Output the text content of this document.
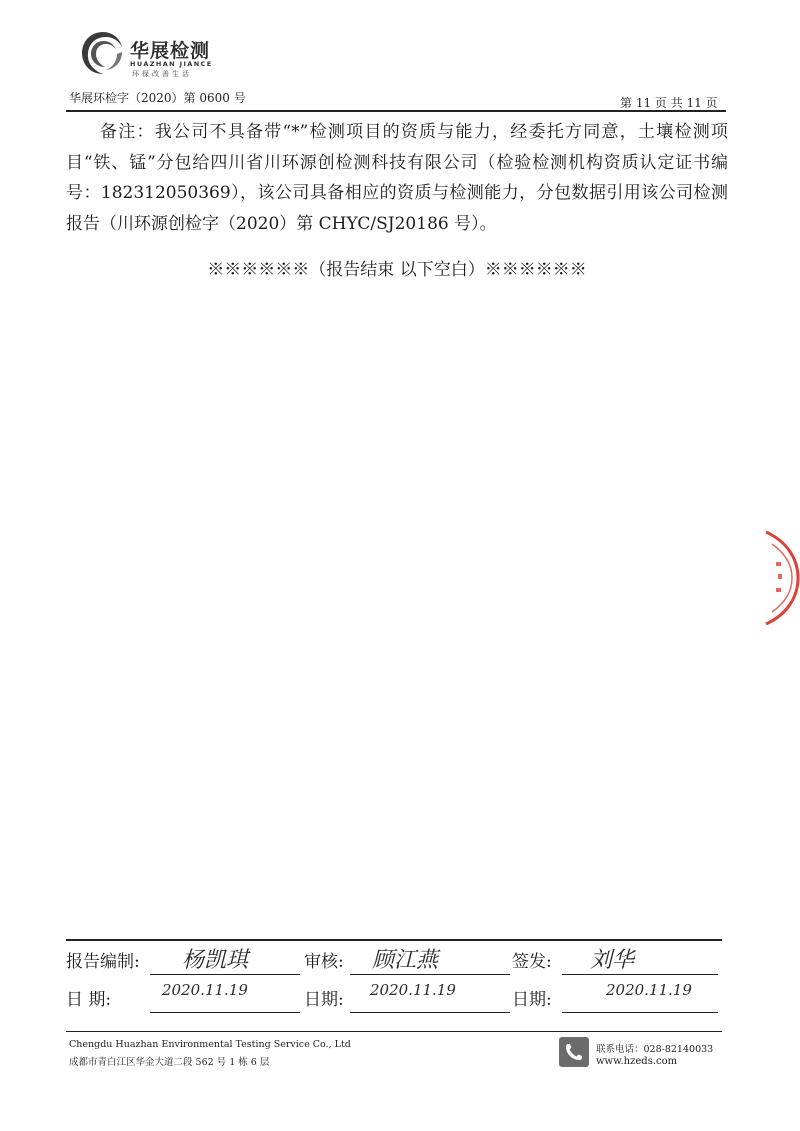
华展检测
HUAZHAN JIANCE
环保改善生活
华展环检字（2020）第 0600 号	第 11 页 共 11 页

备注：我公司不具备带“*”检测项目的资质与能力，经委托方同意，土壤检测项目“铁、锰”分包给四川省川环源创检测科技有限公司（检验检测机构资质认定证书编号：182312050369），该公司具备相应的资质与检测能力，分包数据引用该公司检测报告（川环源创检字（2020）第 CHYC/SJ20186 号）。

※※※※※※（报告结束 以下空白）※※※※※※
报告编制: 杨凯琪	审核: 顾江燕	签发: 刘华
日 期:	2020.11.19	日期: 2020.11.19	日期:	2020.11.19
Chengdu Huazhan Environmental Testing Service Co., Ltd
成都市青白江区华金大道二段 562 号 1 栋 6 层
联系电话：028-82140033
www.hzeds.com
